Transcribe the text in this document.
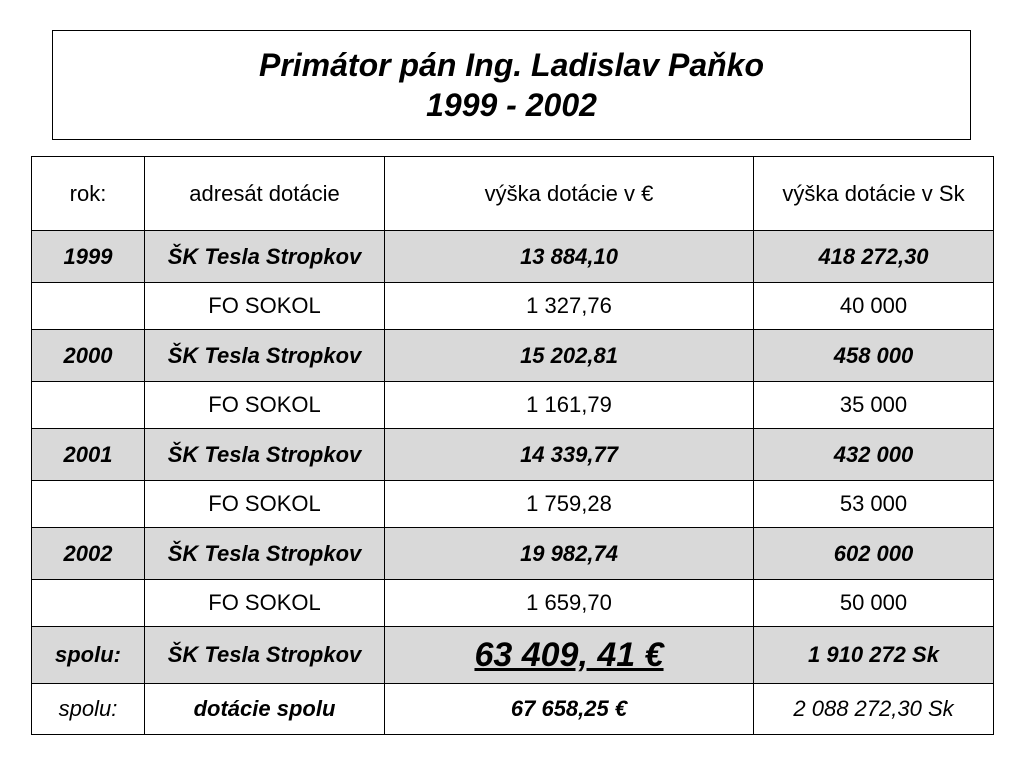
Primátor pán Ing. Ladislav Paňko
1999 - 2002
rok:	adresát dotácie	výška dotácie v €	výška dotácie v Sk
1999	ŠK Tesla Stropkov	13 884,10	418 272,30
	FO SOKOL	1 327,76	40 000
2000	ŠK Tesla Stropkov	15 202,81	458 000
	FO SOKOL	1 161,79	35 000
2001	ŠK Tesla Stropkov	14 339,77	432 000
	FO SOKOL	1 759,28	53 000
2002	ŠK Tesla Stropkov	19 982,74	602 000
	FO SOKOL	1 659,70	50 000
spolu:	ŠK Tesla Stropkov	63 409, 41 €	1 910 272 Sk
spolu:	dotácie spolu	67 658,25 €	2 088 272,30 Sk
